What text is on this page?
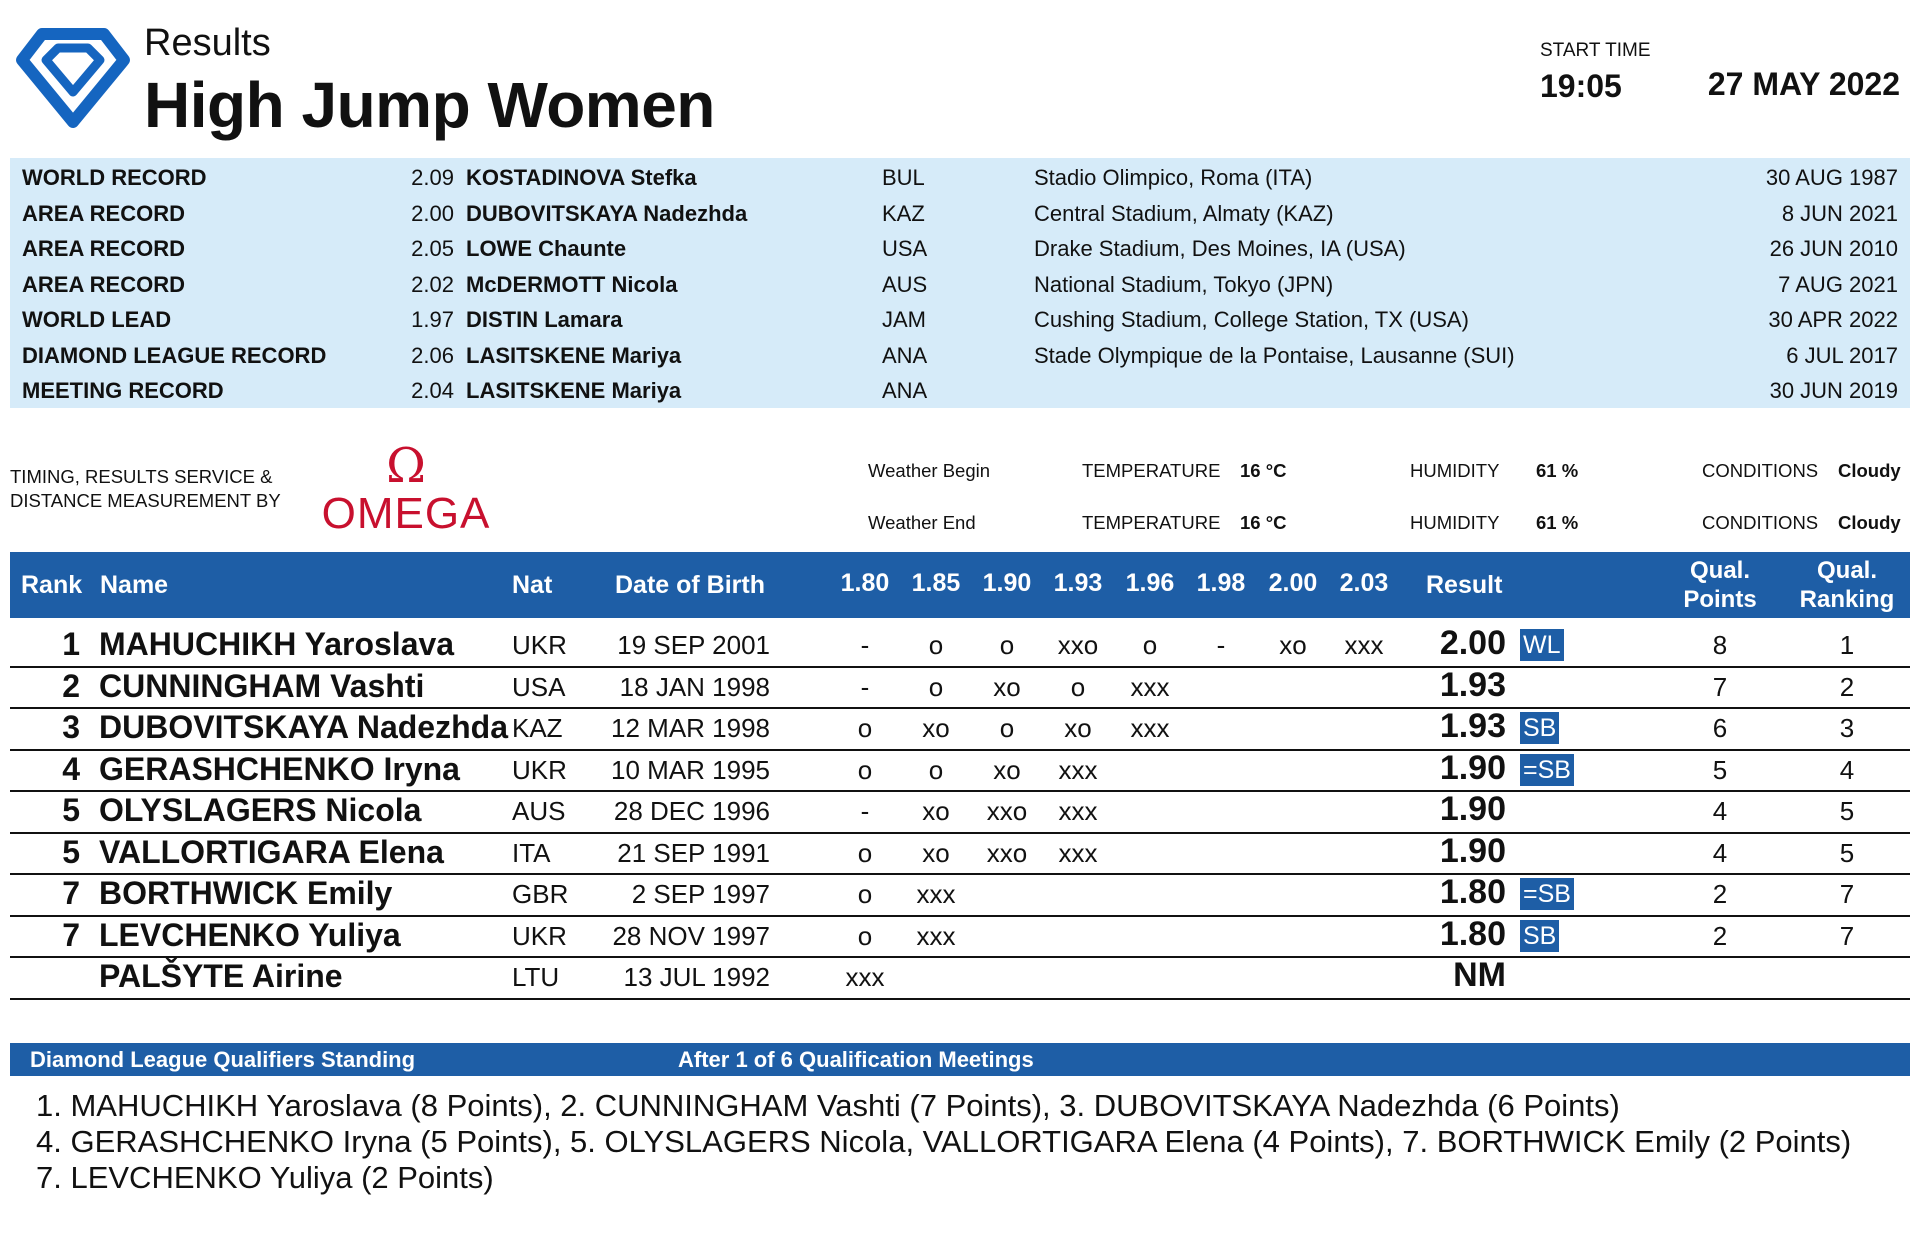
Results
High Jump Women
START TIME
19:05	27 MAY 2022
WORLD RECORD	2.09 KOSTADINOVA Stefka	BUL	Stadio Olimpico, Roma (ITA)	30 AUG 1987
AREA RECORD	2.00 DUBOVITSKAYA Nadezhda	KAZ	Central Stadium, Almaty (KAZ)	8 JUN 2021
AREA RECORD	2.05 LOWE Chaunte	USA	Drake Stadium, Des Moines, IA (USA)	26 JUN 2010
AREA RECORD	2.02 McDERMOTT Nicola	AUS	National Stadium, Tokyo (JPN)	7 AUG 2021
WORLD LEAD	1.97 DISTIN Lamara	JAM	Cushing Stadium, College Station, TX (USA)	30 APR 2022
DIAMOND LEAGUE RECORD	2.06 LASITSKENE Mariya	ANA	Stade Olympique de la Pontaise, Lausanne (SUI)	6 JUL 2017
MEETING RECORD	2.04 LASITSKENE Mariya	ANA	30 JUN 2019
TIMING, RESULTS SERVICE &
DISTANCE MEASUREMENT BY
Ω
OMEGA
Weather Begin	TEMPERATURE 16 °C	HUMIDITY 61 %	CONDITIONS Cloudy
Weather End	TEMPERATURE 16 °C	HUMIDITY 61 %	CONDITIONS Cloudy
Rank Name	Nat	Date of Birth	1.80 1.85 1.90 1.93 1.96 1.98 2.00 2.03	Result
Qual.
Points
Qual.
Ranking
1 MAHUCHIKH Yaroslava UKR	19 SEP 2001	-	o	o	xxo	o	-	xo	xxx	2.00 WL	8	1
2 CUNNINGHAM Vashti	USA	18 JAN 1998	-	o	xo	o	xxx	1.93	7	2
3 DUBOVITSKAYA Nadezhda KAZ	12 MAR 1998	o	xo	o	xo	xxx	1.93 SB	6	3
4 GERASHCHENKO Iryna UKR	10 MAR 1995	o	o	xo	xxx	1.90 =SB	5	4
5 OLYSLAGERS Nicola	AUS	28 DEC 1996	-	xo	xxo	xxx	1.90	4	5
5 VALLORTIGARA Elena	ITA	21 SEP 1991	o	xo	xxo	xxx	1.90	4	5
7 BORTHWICK Emily	GBR	2 SEP 1997	o	xxx	1.80 =SB	2	7
7 LEVCHENKO Yuliya	UKR	28 NOV 1997	o	xxx	1.80 SB	2	7
PALŠYTE Airine	LTU	13 JUL 1992	xxx	NM
Diamond League Qualifiers Standing	After 1 of 6 Qualification Meetings
1. MAHUCHIKH Yaroslava (8 Points), 2. CUNNINGHAM Vashti (7 Points), 3. DUBOVITSKAYA Nadezhda (6 Points)
4. GERASHCHENKO Iryna (5 Points), 5. OLYSLAGERS Nicola, VALLORTIGARA Elena (4 Points), 7. BORTHWICK Emily (2 Points)
7. LEVCHENKO Yuliya (2 Points)
